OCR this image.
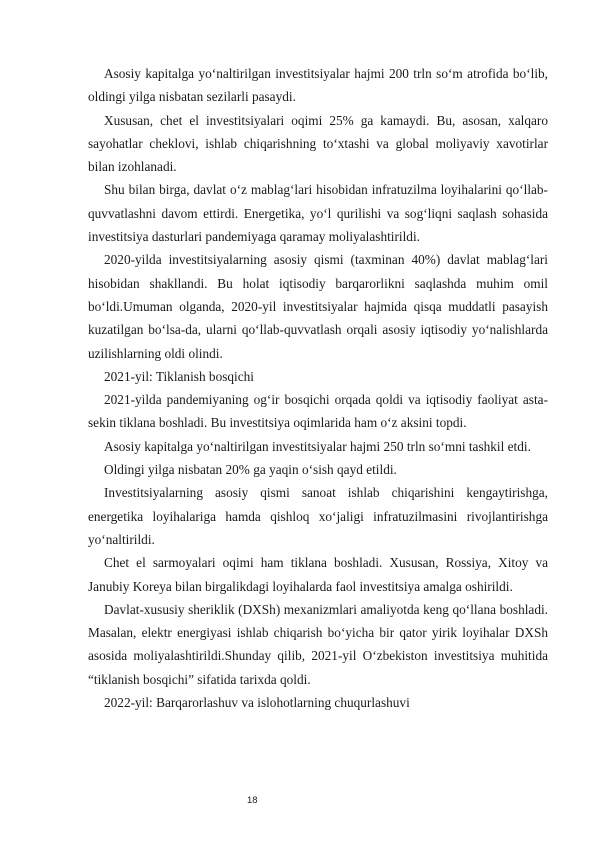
Asosiy kapitalga yo‘naltirilgan investitsiyalar hajmi 200 trln so‘m atrofida bo‘lib, oldingi yilga nisbatan sezilarli pasaydi.

Xususan, chet el investitsiyalari oqimi 25% ga kamaydi. Bu, asosan, xalqaro sayohatlar cheklovi, ishlab chiqarishning to‘xtashi va global moliyaviy xavotirlar bilan izohlanadi.

Shu bilan birga, davlat o‘z mablag‘lari hisobidan infratuzilma loyihalarini qo‘llab-quvvatlashni davom ettirdi. Energetika, yo‘l qurilishi va sog‘liqni saqlash sohasida investitsiya dasturlari pandemiyaga qaramay moliyalashtirildi.

2020-yilda investitsiyalarning asosiy qismi (taxminan 40%) davlat mablag‘lari hisobidan shakllandi. Bu holat iqtisodiy barqarorlikni saqlashda muhim omil bo‘ldi.Umuman olganda, 2020-yil investitsiyalar hajmida qisqa muddatli pasayish kuzatilgan bo‘lsa-da, ularni qo‘llab-quvvatlash orqali asosiy iqtisodiy yo‘nalishlarda uzilishlarning oldi olindi.

2021-yil: Tiklanish bosqichi

2021-yilda pandemiyaning og‘ir bosqichi orqada qoldi va iqtisodiy faoliyat asta-sekin tiklana boshladi. Bu investitsiya oqimlarida ham o‘z aksini topdi.

Asosiy kapitalga yo‘naltirilgan investitsiyalar hajmi 250 trln so‘mni tashkil etdi.

Oldingi yilga nisbatan 20% ga yaqin o‘sish qayd etildi.

Investitsiyalarning asosiy qismi sanoat ishlab chiqarishini kengaytirishga, energetika loyihalariga hamda qishloq xo‘jaligi infratuzilmasini rivojlantirishga yo‘naltirildi.

Chet el sarmoyalari oqimi ham tiklana boshladi. Xususan, Rossiya, Xitoy va Janubiy Koreya bilan birgalikdagi loyihalarda faol investitsiya amalga oshirildi.

Davlat-xususiy sheriklik (DXSh) mexanizmlari amaliyotda keng qo‘llana boshladi. Masalan, elektr energiyasi ishlab chiqarish bo‘yicha bir qator yirik loyihalar DXSh asosida moliyalashtirildi.Shunday qilib, 2021-yil O‘zbekiston investitsiya muhitida “tiklanish bosqichi” sifatida tarixda qoldi.

2022-yil: Barqarorlashuv va islohotlarning chuqurlashuvi

18
